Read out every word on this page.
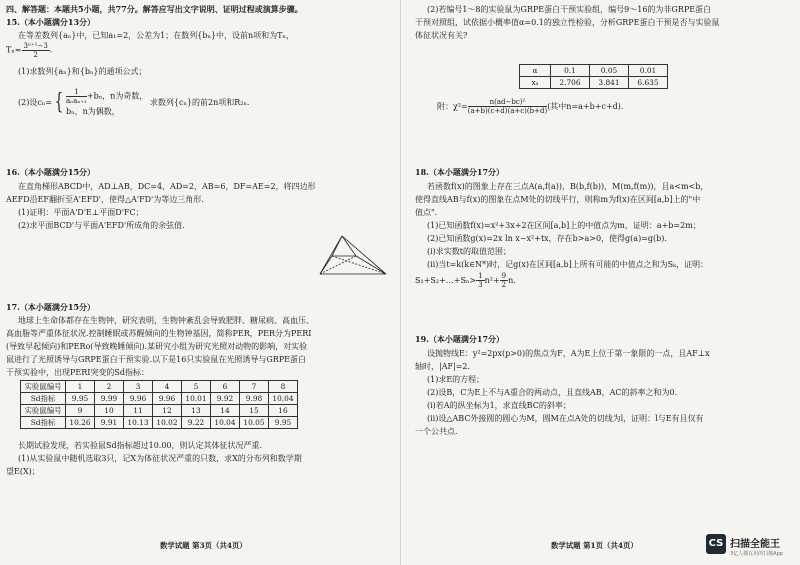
四、解答题：本题共5小题，共77分。解答应写出文字说明、证明过程或演算步骤。
15.（本小题满分13分）
在等差数列{aₙ}中，已知a₁=2，公差为1；在数列{bₙ}中，设前n项和为Tₙ，
$T_n= \frac{\text{3ⁿ⁺¹−3}}{2}$ .
(1)求数列{aₙ}和{bₙ}的通项公式；
(2)设cₙ= { $\frac{1}{\text{aₙaₙ₊₁}} +b_n$，n为奇数，
bₙ，n为偶数，
求数列{cₙ}的前2n项和R₂ₙ.
16.（本小题满分15分）
在直角梯形ABCD中，AD⊥AB，DC=4，AD=2，AB=6，DF=AE=2，将四边形
AEFD沿EF翻折至A'EFD'，使得△A'FD'为等边三角形.
(1)证明：平面A'D'E⊥平面D'FC；
(2)求平面BCD'与平面A'EFD'所成角的余弦值.
17.（本小题满分15分）
地球上生命体都存在生物钟，研究表明，生物钟紊乱会导致肥胖、糖尿病、高血压、
高血脂等严重体征状况.控制睡眠或苏醒倾向的生物钟基因，简称PER，PER分为PERI
(导致早起倾向)和PERo(导致晚睡倾向).某研究小组为研究光照对动物的影响，对实验
鼠进行了光照诱导与GRPE蛋白干预实验.以下是16只实验鼠在光照诱导与GRPE蛋白
干预实验中，出现PERI突变的Sd指标：
实验鼠编号	1	2	3	4	5	6	7	8
Sd指标	9.95	9.99	9.96	9.96	10.01	9.92	9.98	10.04
实验鼠编号	9	10	11	12	13	14	15	16
Sd指标	10.26	9.91	10.13	10.02	9.22	10.04	10.05	9.95
长期试验发现，若实验鼠Sd指标超过10.00，则认定其体征状况严重.
(1)从实验鼠中随机选取3只，记X为体征状况严重的只数，求X的分布列和数学期
望E(X)；
数学试题 第3页（共4页）
(2)若编号1～8的实验鼠为GRPE蛋白干预实验组，编号9～16的为非GRPE蛋白
干预对照组，试依据小概率值α=0.1的独立性检验，分析GRPE蛋白干预是否与实验鼠
体征状况有关?
α	0.1	0.05	0.01
xₐ	2.706	3.841	6.635
附：$\chi^2= \frac{\text{n(ad−bc)²}}{(a+b)(c+d)(a+c)(b+d)}$ (其中n=a+b+c+d).
18.（本小题满分17分）
若函数f(x)的图象上存在三点A(a,f(a))，B(b,f(b))，M(m,f(m))，且a<m<b，
使得直线AB与f(x)的图象在点M处的切线平行，则称m为f(x)在区间[a,b]上的"中
值点".
(1)已知函数f(x)=x²+3x+2在区间[a,b]上的中值点为m，证明：a+b=2m；
(2)已知函数g(x)=2x ln x−x²+tx，存在b>a>0，使得g(a)=g(b).
(ⅰ)求实数t的取值范围；
(ⅱ)当t=k(k∈N*)时，记g(x)在区间[a,b]上所有可能的中值点之和为Sₖ，证明：
S₁+S₂+…+Sₙ> $\frac{1}{3} n^2+ \frac{9}{2} n$.
19.（本小题满分17分）
设抛物线E：y²=2px(p>0)的焦点为F，A为E上位于第一象限的一点，且AF⊥x
轴时，|AF|=2.
(1)求E的方程；
(2)设B，C为E上不与A重合的两动点，且直线AB，AC的斜率之和为0.
(ⅰ)若A的纵坐标为1，求直线BC的斜率；
(ⅱ)设△ABC外接圆的圆心为M，圆M在点A处的切线为l，证明：l与E有且仅有
一个公共点.
数学试题 第1页（共4页）	CS 扫描全能王
3亿人都在用的扫描App
